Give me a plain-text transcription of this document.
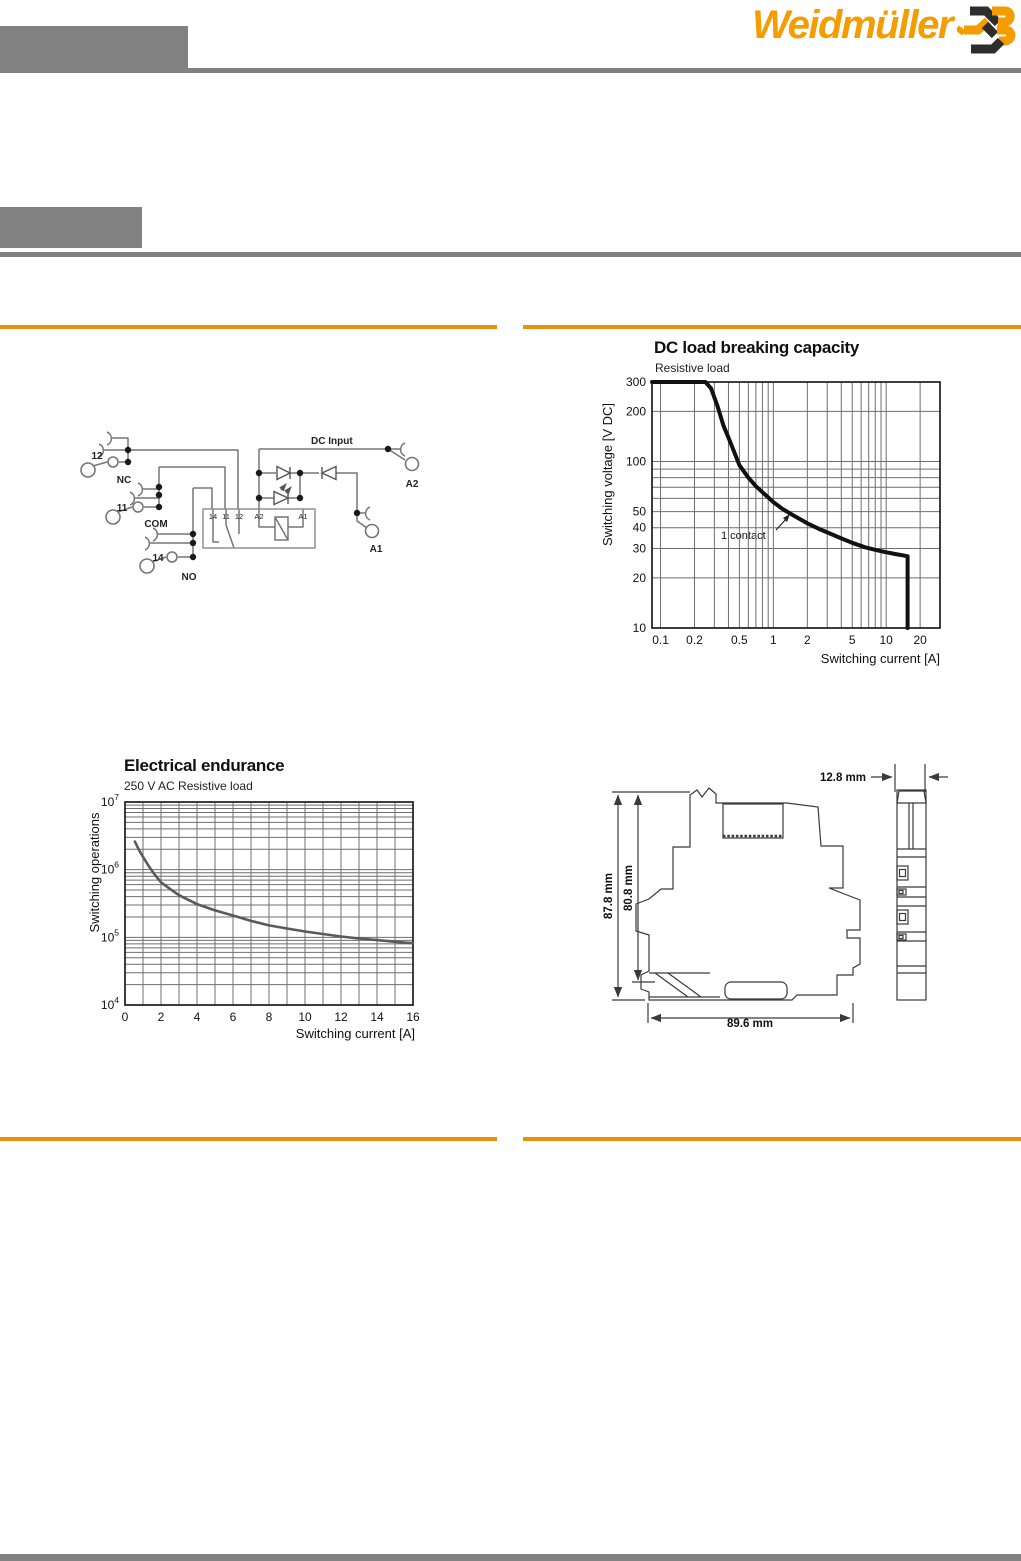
Weidmüller
DC load breaking capacity
Resistive load
Switching voltage [V DC]
Switching current [A]
1 contact
Electrical endurance
250 V AC Resistive load
Switching operations
Switching current [A]
12
NC
11
COM
14
NO
DC Input
A2
A1
14 11 12 A2	A1
0.1 0.2 0.5 1 2	5 10 20
10
20
30
40
50
100
200
300
0 2 4 6 8 10 12 14 16
$10^4$
$10^5$
$10^6$
$10^7$
87.8 mm 80.8 mm
89.6 mm
12.8 mm
